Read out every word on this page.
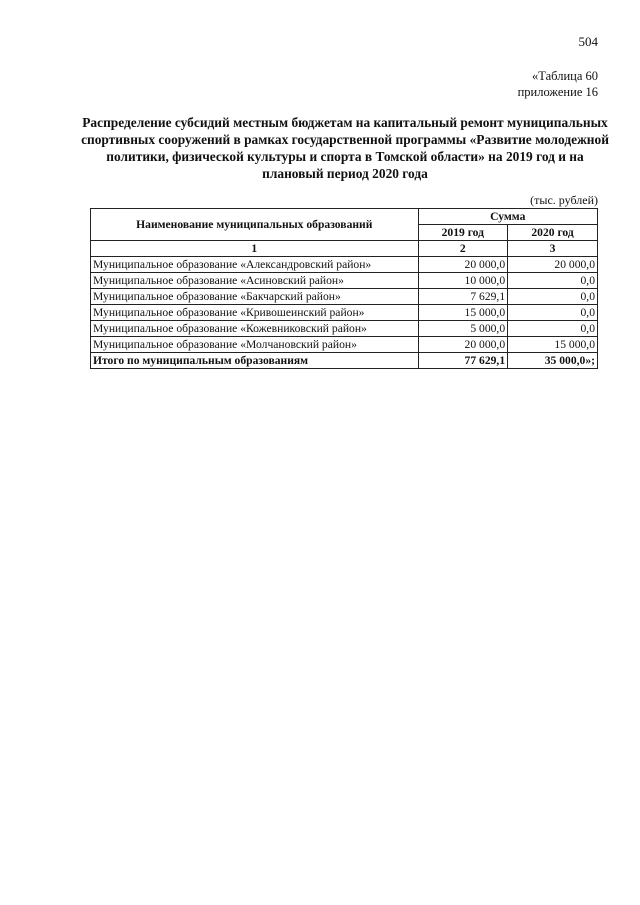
504
«Таблица 60
приложение 16
Распределение субсидий местным бюджетам на капитальный ремонт муниципальных спортивных сооружений в рамках государственной программы «Развитие молодежной политики, физической культуры и спорта в Томской области» на 2019 год и на плановый период 2020 года
(тыс. рублей)
Наименование муниципальных образований	Сумма	
	2019 год	2020 год
1	2	3
Муниципальное образование «Александровский район»	20 000,0	20 000,0
Муниципальное образование «Асиновский район»	10 000,0	0,0
Муниципальное образование «Бакчарский район»	7 629,1	0,0
Муниципальное образование «Кривошеинский район»	15 000,0	0,0
Муниципальное образование «Кожевниковский район»	5 000,0	0,0
Муниципальное образование «Молчановский район»	20 000,0	15 000,0
Итого по муниципальным образованиям	77 629,1	35 000,0»;
